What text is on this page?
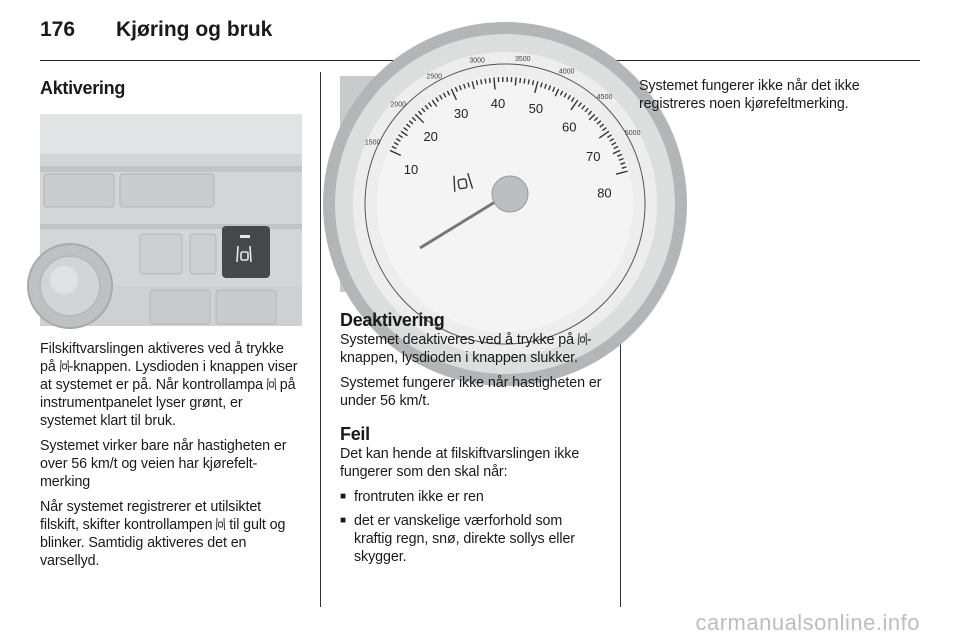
176	Kjøring og bruk
Aktivering

Filskiftvarslingen aktiveres ved å trykke på -knappen. Lysdioden i knappen viser at systemet er på. Når kontrollampa  på instrumentpanelet lyser grønt, er systemet klart til bruk.

Systemet virker bare når hastigheten er over 56 km/t og veien har kjørefeltmerking

Når systemet registrerer et utilsiktet filskift, skifter kontrollampen  til gult og blinker. Samtidig aktiveres det en varsellyd.

1500
2000
2500
3000	3500
4000
4500
5000
10
20
30
40 50
60
70
80
Deaktivering

Systemet deaktiveres ved å trykke på -knappen, lysdioden i knappen slukker.

Systemet fungerer ikke når hastigheten er under 56 km/t.

Feil

Det kan hende at filskiftvarslingen ikke fungerer som den skal når:

■ frontruten ikke er ren
■ det er vanskelige værforhold som kraftig regn, snø, direkte sollys eller skygger.

Systemet fungerer ikke når det ikke registreres noen kjørefeltmerking.

carmanualsonline.info
